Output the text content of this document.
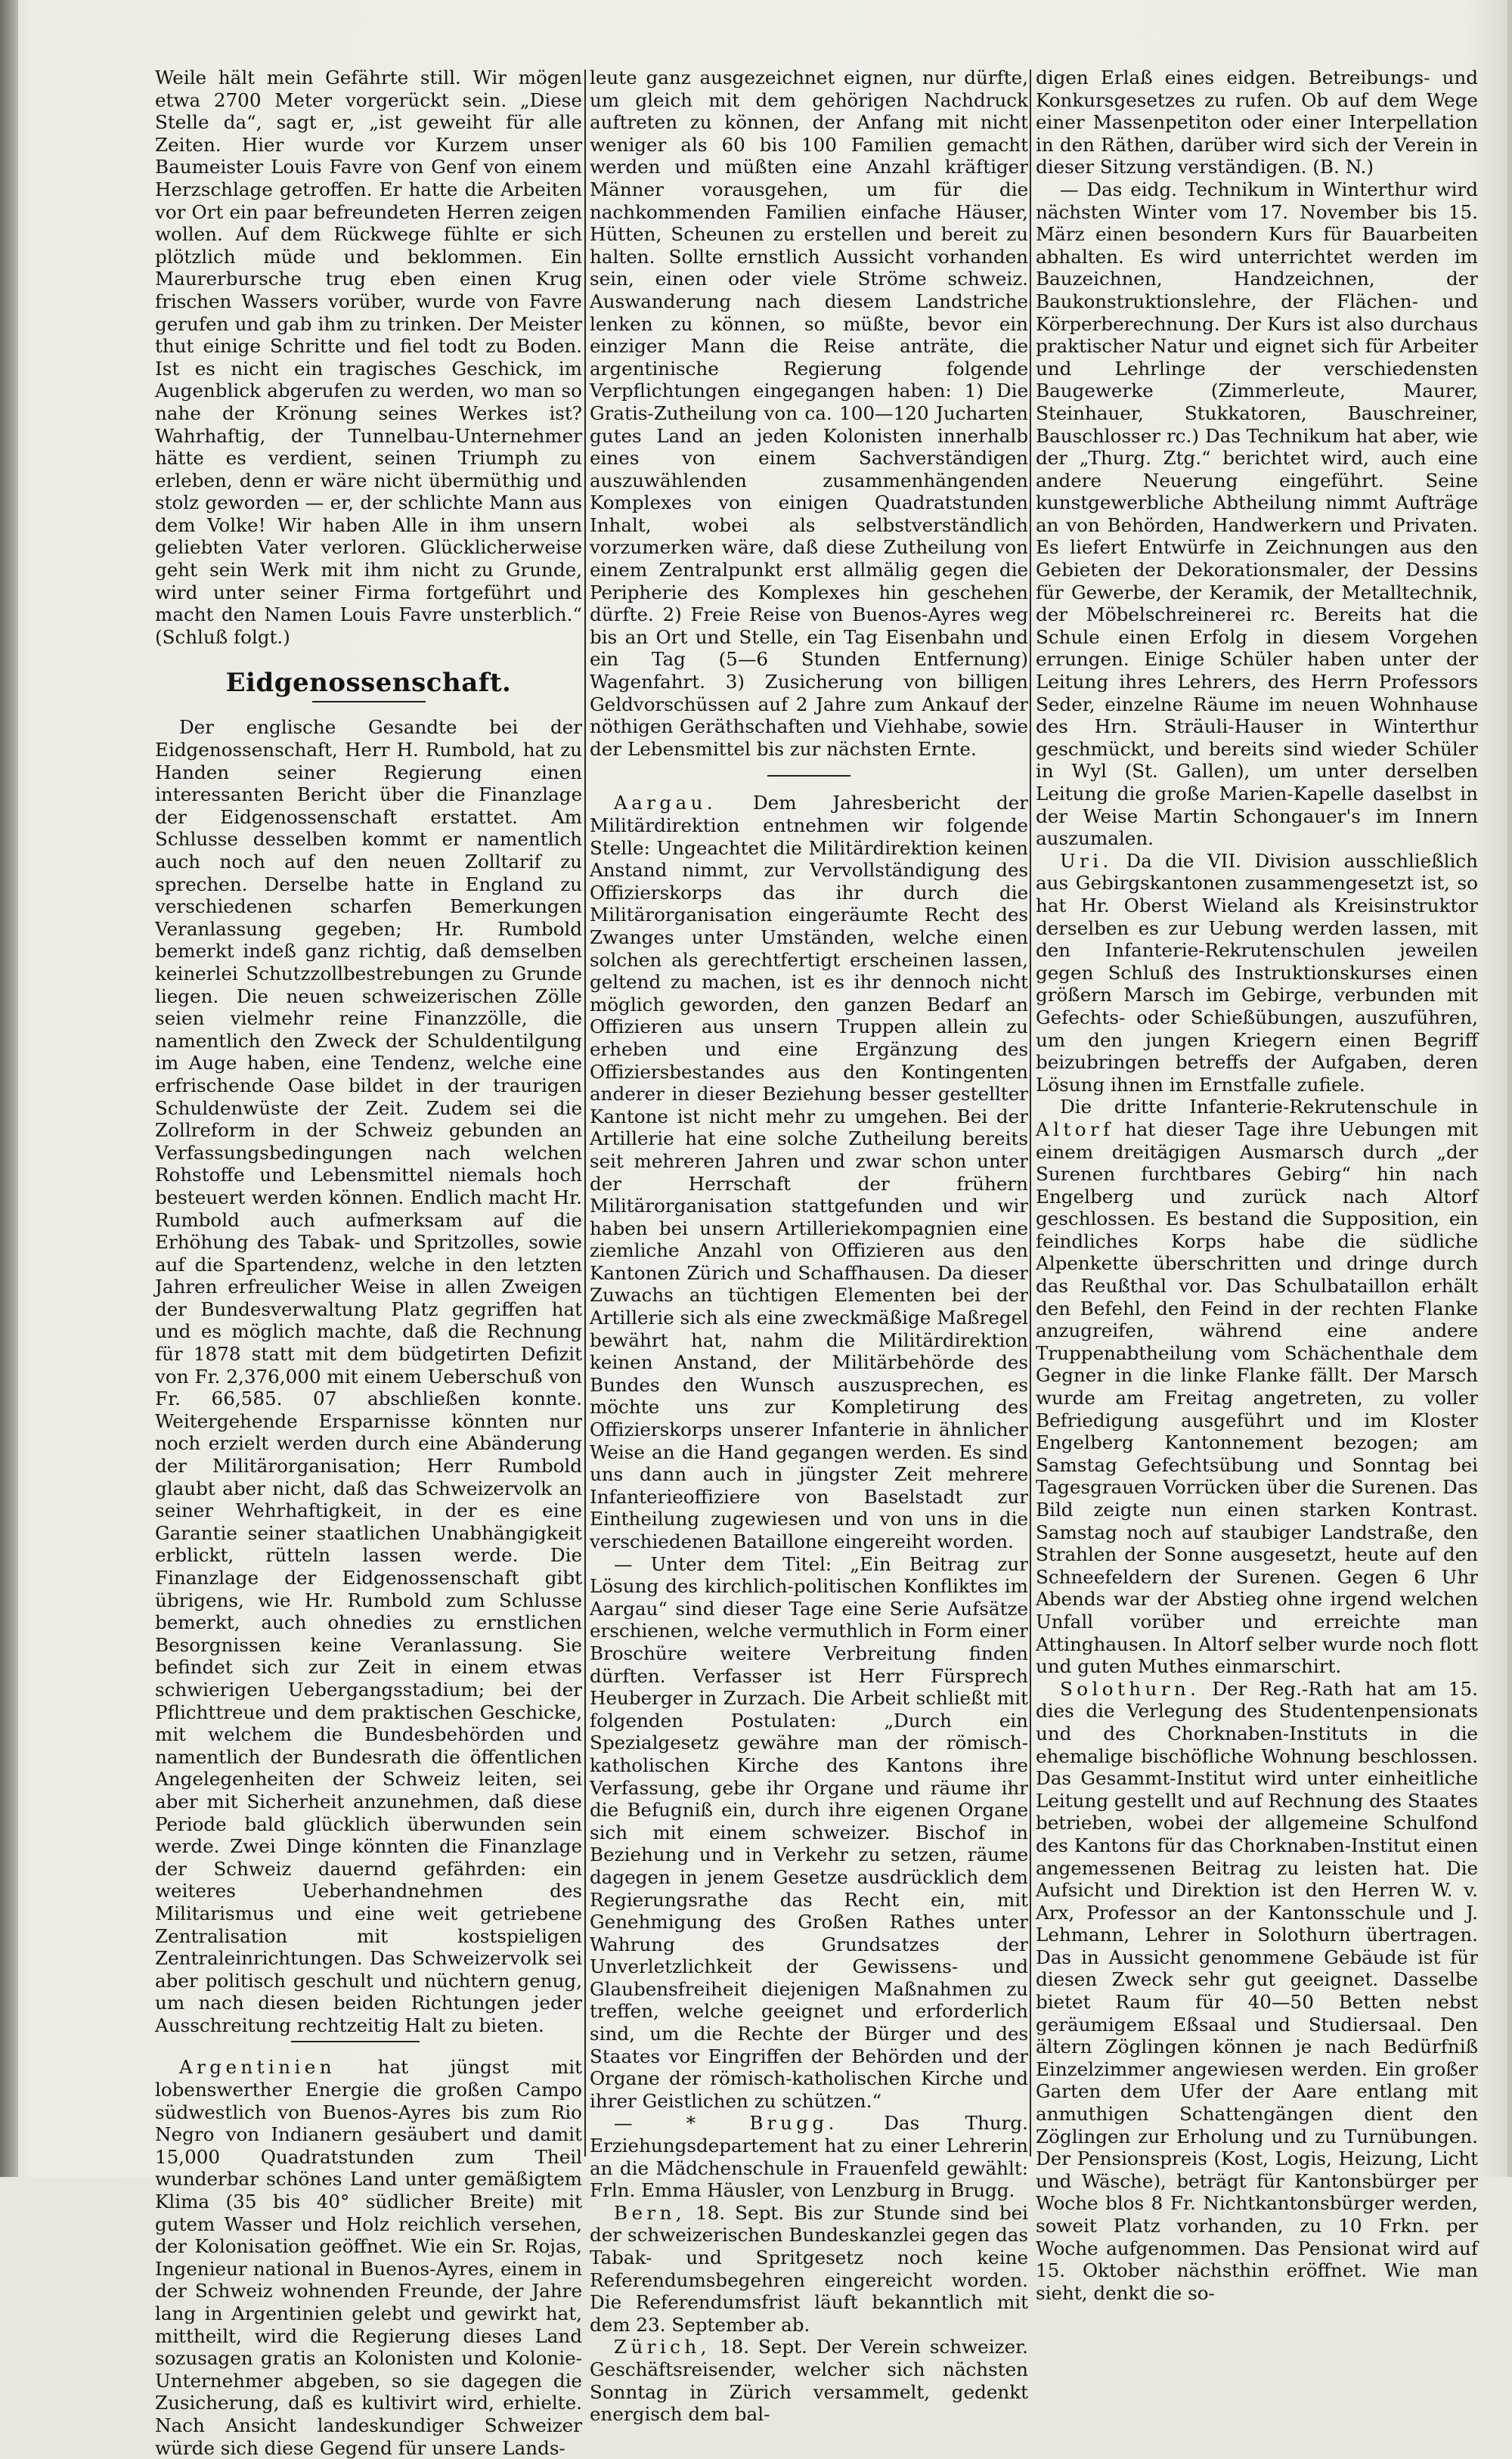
Weile hält mein Gefährte still. Wir mögen etwa 2700 Meter vorgerückt sein. „Diese Stelle da“, sagt er, „ist geweiht für alle Zeiten. Hier wurde vor Kurzem unser Baumeister Louis Favre von Genf von einem Herzschlage getroffen. Er hatte die Arbeiten vor Ort ein paar befreundeten Herren zeigen wollen. Auf dem Rückwege fühlte er sich plötzlich müde und beklommen. Ein Maurerbursche trug eben einen Krug frischen Wassers vorüber, wurde von Favre gerufen und gab ihm zu trinken. Der Meister thut einige Schritte und fiel todt zu Boden. Ist es nicht ein tragisches Geschick, im Augenblick abgerufen zu werden, wo man so nahe der Krönung seines Werkes ist? Wahrhaftig, der Tunnelbau-Unternehmer hätte es verdient, seinen Triumph zu erleben, denn er wäre nicht übermüthig und stolz geworden — er, der schlichte Mann aus dem Volke! Wir haben Alle in ihm unsern geliebten Vater verloren. Glücklicherweise geht sein Werk mit ihm nicht zu Grunde, wird unter seiner Firma fortgeführt und macht den Namen Louis Favre unsterblich.“ (Schluß folgt.)

Eidgenossenschaft.

Der englische Gesandte bei der Eidgenossenschaft, Herr H. Rumbold, hat zu Handen seiner Regierung einen interessanten Bericht über die Finanzlage der Eidgenossenschaft erstattet. Am Schlusse desselben kommt er namentlich auch noch auf den neuen Zolltarif zu sprechen. Derselbe hatte in England zu verschiedenen scharfen Bemerkungen Veranlassung gegeben; Hr. Rumbold bemerkt indeß ganz richtig, daß demselben keinerlei Schutzzollbestrebungen zu Grunde liegen. Die neuen schweizerischen Zölle seien vielmehr reine Finanzzölle, die namentlich den Zweck der Schuldentilgung im Auge haben, eine Tendenz, welche eine erfrischende Oase bildet in der traurigen Schuldenwüste der Zeit. Zudem sei die Zollreform in der Schweiz gebunden an Verfassungsbedingungen nach welchen Rohstoffe und Lebensmittel niemals hoch besteuert werden können. Endlich macht Hr. Rumbold auch aufmerksam auf die Erhöhung des Tabak- und Spritzolles, sowie auf die Spartendenz, welche in den letzten Jahren erfreulicher Weise in allen Zweigen der Bundesverwaltung Platz gegriffen hat und es möglich machte, daß die Rechnung für 1878 statt mit dem büdgetirten Defizit von Fr. 2,376,000 mit einem Ueberschuß von Fr. 66,585. 07 abschließen konnte. Weitergehende Ersparnisse könnten nur noch erzielt werden durch eine Abänderung der Militärorganisation; Herr Rumbold glaubt aber nicht, daß das Schweizervolk an seiner Wehrhaftigkeit, in der es eine Garantie seiner staatlichen Unabhängigkeit erblickt, rütteln lassen werde. Die Finanzlage der Eidgenossenschaft gibt übrigens, wie Hr. Rumbold zum Schlusse bemerkt, auch ohnedies zu ernstlichen Besorgnissen keine Veranlassung. Sie befindet sich zur Zeit in einem etwas schwierigen Uebergangsstadium; bei der Pflichttreue und dem praktischen Geschicke, mit welchem die Bundesbehörden und namentlich der Bundesrath die öffentlichen Angelegenheiten der Schweiz leiten, sei aber mit Sicherheit anzunehmen, daß diese Periode bald glücklich überwunden sein werde. Zwei Dinge könnten die Finanzlage der Schweiz dauernd gefährden: ein weiteres Ueberhandnehmen des Militarismus und eine weit getriebene Zentralisation mit kostspieligen Zentraleinrichtungen. Das Schweizervolk sei aber politisch geschult und nüchtern genug, um nach diesen beiden Richtungen jeder Ausschreitung rechtzeitig Halt zu bieten.

Argentinien hat jüngst mit lobenswerther Energie die großen Campo südwestlich von Buenos-Ayres bis zum Rio Negro von Indianern gesäubert und damit 15,000 Quadratstunden zum Theil wunderbar schönes Land unter gemäßigtem Klima (35 bis 40° südlicher Breite) mit gutem Wasser und Holz reichlich versehen, der Kolonisation geöffnet. Wie ein Sr. Rojas, Ingenieur national in Buenos-Ayres, einem in der Schweiz wohnenden Freunde, der Jahre lang in Argentinien gelebt und gewirkt hat, mittheilt, wird die Regierung dieses Land sozusagen gratis an Kolonisten und Kolonie-Unternehmer abgeben, so sie dagegen die Zusicherung, daß es kultivirt wird, erhielte. Nach Ansicht landeskundiger Schweizer würde sich diese Gegend für unsere Lands-

leute ganz ausgezeichnet eignen, nur dürfte, um gleich mit dem gehörigen Nachdruck auftreten zu können, der Anfang mit nicht weniger als 60 bis 100 Familien gemacht werden und müßten eine Anzahl kräftiger Männer vorausgehen, um für die nachkommenden Familien einfache Häuser, Hütten, Scheunen zu erstellen und bereit zu halten. Sollte ernstlich Aussicht vorhanden sein, einen oder viele Ströme schweiz. Auswanderung nach diesem Landstriche lenken zu können, so müßte, bevor ein einziger Mann die Reise anträte, die argentinische Regierung folgende Verpflichtungen eingegangen haben: 1) Die Gratis-Zutheilung von ca. 100—120 Jucharten gutes Land an jeden Kolonisten innerhalb eines von einem Sachverständigen auszuwählenden zusammenhängenden Komplexes von einigen Quadratstunden Inhalt, wobei als selbstverständlich vorzumerken wäre, daß diese Zutheilung von einem Zentralpunkt erst allmälig gegen die Peripherie des Komplexes hin geschehen dürfte. 2) Freie Reise von Buenos-Ayres weg bis an Ort und Stelle, ein Tag Eisenbahn und ein Tag (5—6 Stunden Entfernung) Wagenfahrt. 3) Zusicherung von billigen Geldvorschüssen auf 2 Jahre zum Ankauf der nöthigen Geräthschaften und Viehhabe, sowie der Lebensmittel bis zur nächsten Ernte.

Aargau. Dem Jahresbericht der Militärdirektion entnehmen wir folgende Stelle: Ungeachtet die Militärdirektion keinen Anstand nimmt, zur Vervollständigung des Offizierskorps das ihr durch die Militärorganisation eingeräumte Recht des Zwanges unter Umständen, welche einen solchen als gerechtfertigt erscheinen lassen, geltend zu machen, ist es ihr dennoch nicht möglich geworden, den ganzen Bedarf an Offizieren aus unsern Truppen allein zu erheben und eine Ergänzung des Offiziersbestandes aus den Kontingenten anderer in dieser Beziehung besser gestellter Kantone ist nicht mehr zu umgehen. Bei der Artillerie hat eine solche Zutheilung bereits seit mehreren Jahren und zwar schon unter der Herrschaft der frühern Militärorganisation stattgefunden und wir haben bei unsern Artilleriekompagnien eine ziemliche Anzahl von Offizieren aus den Kantonen Zürich und Schaffhausen. Da dieser Zuwachs an tüchtigen Elementen bei der Artillerie sich als eine zweckmäßige Maßregel bewährt hat, nahm die Militärdirektion keinen Anstand, der Militärbehörde des Bundes den Wunsch auszusprechen, es möchte uns zur Kompletirung des Offizierskorps unserer Infanterie in ähnlicher Weise an die Hand gegangen werden. Es sind uns dann auch in jüngster Zeit mehrere Infanterieoffiziere von Baselstadt zur Eintheilung zugewiesen und von uns in die verschiedenen Bataillone eingereiht worden.

— Unter dem Titel: „Ein Beitrag zur Lösung des kirchlich-politischen Konfliktes im Aargau“ sind dieser Tage eine Serie Aufsätze erschienen, welche vermuthlich in Form einer Broschüre weitere Verbreitung finden dürften. Verfasser ist Herr Fürsprech Heuberger in Zurzach. Die Arbeit schließt mit folgenden Postulaten: „Durch ein Spezialgesetz gewähre man der römisch-katholischen Kirche des Kantons ihre Verfassung, gebe ihr Organe und räume ihr die Befugniß ein, durch ihre eigenen Organe sich mit einem schweizer. Bischof in Beziehung und in Verkehr zu setzen, räume dagegen in jenem Gesetze ausdrücklich dem Regierungsrathe das Recht ein, mit Genehmigung des Großen Rathes unter Wahrung des Grundsatzes der Unverletzlichkeit der Gewissens- und Glaubensfreiheit diejenigen Maßnahmen zu treffen, welche geeignet und erforderlich sind, um die Rechte der Bürger und des Staates vor Eingriffen der Behörden und der Organe der römisch-katholischen Kirche und ihrer Geistlichen zu schützen.“

— * Brugg. Das Thurg. Erziehungsdepartement hat zu einer Lehrerin an die Mädchenschule in Frauenfeld gewählt: Frln. Emma Häusler, von Lenzburg in Brugg.

Bern, 18. Sept. Bis zur Stunde sind bei der schweizerischen Bundeskanzlei gegen das Tabak- und Spritgesetz noch keine Referendumsbegehren eingereicht worden. Die Referendumsfrist läuft bekanntlich mit dem 23. September ab.

Zürich, 18. Sept. Der Verein schweizer. Geschäftsreisender, welcher sich nächsten Sonntag in Zürich versammelt, gedenkt energisch dem bal-

digen Erlaß eines eidgen. Betreibungs- und Konkursgesetzes zu rufen. Ob auf dem Wege einer Massenpetiton oder einer Interpellation in den Räthen, darüber wird sich der Verein in dieser Sitzung verständigen. (B. N.)

— Das eidg. Technikum in Winterthur wird nächsten Winter vom 17. November bis 15. März einen besondern Kurs für Bauarbeiten abhalten. Es wird unterrichtet werden im Bauzeichnen, Handzeichnen, der Baukonstruktionslehre, der Flächen- und Körperberechnung. Der Kurs ist also durchaus praktischer Natur und eignet sich für Arbeiter und Lehrlinge der verschiedensten Baugewerke (Zimmerleute, Maurer, Steinhauer, Stukkatoren, Bauschreiner, Bauschlosser rc.) Das Technikum hat aber, wie der „Thurg. Ztg.“ berichtet wird, auch eine andere Neuerung eingeführt. Seine kunstgewerbliche Abtheilung nimmt Aufträge an von Behörden, Handwerkern und Privaten. Es liefert Entwürfe in Zeichnungen aus den Gebieten der Dekorationsmaler, der Dessins für Gewerbe, der Keramik, der Metalltechnik, der Möbelschreinerei rc. Bereits hat die Schule einen Erfolg in diesem Vorgehen errungen. Einige Schüler haben unter der Leitung ihres Lehrers, des Herrn Professors Seder, einzelne Räume im neuen Wohnhause des Hrn. Sträuli-Hauser in Winterthur geschmückt, und bereits sind wieder Schüler in Wyl (St. Gallen), um unter derselben Leitung die große Marien-Kapelle daselbst in der Weise Martin Schongauer's im Innern auszumalen.

Uri. Da die VII. Division ausschließlich aus Gebirgskantonen zusammengesetzt ist, so hat Hr. Oberst Wieland als Kreisinstruktor derselben es zur Uebung werden lassen, mit den Infanterie-Rekrutenschulen jeweilen gegen Schluß des Instruktionskurses einen größern Marsch im Gebirge, verbunden mit Gefechts- oder Schießübungen, auszuführen, um den jungen Kriegern einen Begriff beizubringen betreffs der Aufgaben, deren Lösung ihnen im Ernstfalle zufiele.

Die dritte Infanterie-Rekrutenschule in Altorf hat dieser Tage ihre Uebungen mit einem dreitägigen Ausmarsch durch „der Surenen furchtbares Gebirg“ hin nach Engelberg und zurück nach Altorf geschlossen. Es bestand die Supposition, ein feindliches Korps habe die südliche Alpenkette überschritten und dringe durch das Reußthal vor. Das Schulbataillon erhält den Befehl, den Feind in der rechten Flanke anzugreifen, während eine andere Truppenabtheilung vom Schächenthale dem Gegner in die linke Flanke fällt. Der Marsch wurde am Freitag angetreten, zu voller Befriedigung ausgeführt und im Kloster Engelberg Kantonnement bezogen; am Samstag Gefechtsübung und Sonntag bei Tagesgrauen Vorrücken über die Surenen. Das Bild zeigte nun einen starken Kontrast. Samstag noch auf staubiger Landstraße, den Strahlen der Sonne ausgesetzt, heute auf den Schneefeldern der Surenen. Gegen 6 Uhr Abends war der Abstieg ohne irgend welchen Unfall vorüber und erreichte man Attinghausen. In Altorf selber wurde noch flott und guten Muthes einmarschirt.

Solothurn. Der Reg.-Rath hat am 15. dies die Verlegung des Studentenpensionats und des Chorknaben-Instituts in die ehemalige bischöfliche Wohnung beschlossen. Das Gesammt-Institut wird unter einheitliche Leitung gestellt und auf Rechnung des Staates betrieben, wobei der allgemeine Schulfond des Kantons für das Chorknaben-Institut einen angemessenen Beitrag zu leisten hat. Die Aufsicht und Direktion ist den Herren W. v. Arx, Professor an der Kantonsschule und J. Lehmann, Lehrer in Solothurn übertragen. Das in Aussicht genommene Gebäude ist für diesen Zweck sehr gut geeignet. Dasselbe bietet Raum für 40—50 Betten nebst geräumigem Eßsaal und Studiersaal. Den ältern Zöglingen können je nach Bedürfniß Einzelzimmer angewiesen werden. Ein großer Garten dem Ufer der Aare entlang mit anmuthigen Schattengängen dient den Zöglingen zur Erholung und zu Turnübungen. Der Pensionspreis (Kost, Logis, Heizung, Licht und Wäsche), beträgt für Kantonsbürger per Woche blos 8 Fr. Nichtkantonsbürger werden, soweit Platz vorhanden, zu 10 Frkn. per Woche aufgenommen. Das Pensionat wird auf 15. Oktober nächsthin eröffnet. Wie man sieht, denkt die so-
